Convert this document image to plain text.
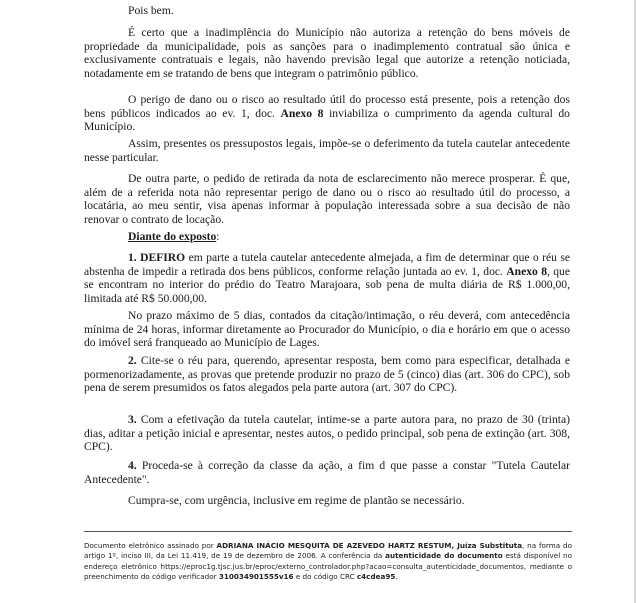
Pois bem.

É certo que a inadimplência do Município não autoriza a retenção do bens móveis de propriedade da municipalidade, pois as sanções para o inadimplemento contratual são única e exclusivamente contratuais e legais, não havendo previsão legal que autorize a retenção noticiada, notadamente em se tratando de bens que integram o patrimônio público.

O perigo de dano ou o risco ao resultado útil do processo está presente, pois a retenção dos bens públicos indicados ao ev. 1, doc. Anexo 8 inviabiliza o cumprimento da agenda cultural do Município.

Assim, presentes os pressupostos legais, impõe-se o deferimento da tutela cautelar antecedente nesse particular.

De outra parte, o pedido de retirada da nota de esclarecimento não merece prosperar. É que, além de a referida nota não representar perigo de dano ou o risco ao resultado útil do processo, a locatária, ao meu sentir, visa apenas informar à população interessada sobre a sua decisão de não renovar o contrato de locação.

Diante do exposto:

1. DEFIRO em parte a tutela cautelar antecedente almejada, a fim de determinar que o réu se abstenha de impedir a retirada dos bens públicos, conforme relação juntada ao ev. 1, doc. Anexo 8, que se encontram no interior do prédio do Teatro Marajoara, sob pena de multa diária de R$ 1.000,00, limitada até R$ 50.000,00.

No prazo máximo de 5 dias, contados da citação/intimação, o réu deverá, com antecedência mínima de 24 horas, informar diretamente ao Procurador do Município, o dia e horário em que o acesso do imóvel será franqueado ao Município de Lages.

2. Cite-se o réu para, querendo, apresentar resposta, bem como para especificar, detalhada e pormenorizadamente, as provas que pretende produzir no prazo de 5 (cinco) dias (art. 306 do CPC), sob pena de serem presumidos os fatos alegados pela parte autora (art. 307 do CPC).

3. Com a efetivação da tutela cautelar, intime-se a parte autora para, no prazo de 30 (trinta) dias, aditar a petição inicial e apresentar, nestes autos, o pedido principal, sob pena de extinção (art. 308, CPC).

4. Proceda-se à correção da classe da ação, a fim d que passe a constar "Tutela Cautelar Antecedente".

Cumpra-se, com urgência, inclusive em regime de plantão se necessário.

Documento eletrônico assinado por ADRIANA INÁCIO MESQUITA DE AZEVEDO HARTZ RESTUM, Juíza Substituta, na forma do artigo 1º, inciso III, da Lei 11.419, de 19 de dezembro de 2006. A conferência da autenticidade do documento está disponível no endereço eletrônico https://eproc1g.tjsc.jus.br/eproc/externo_controlador.php?acao=consulta_autenticidade_documentos, mediante o preenchimento do código verificador 310034901555v16 e do código CRC c4cdea95.
